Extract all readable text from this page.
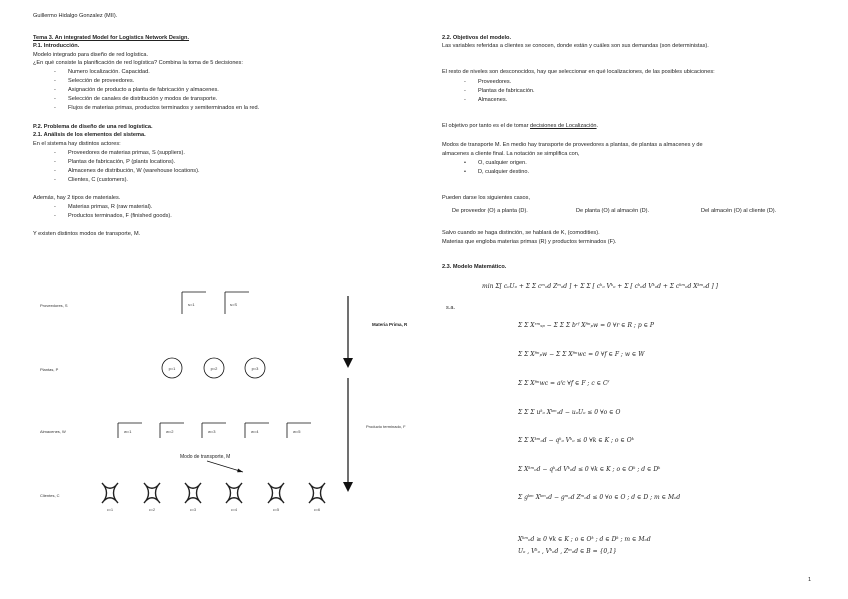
Guillermo Hidalgo Gonzalez (MII).
Tema 3. An integrated Model for Logistics Network Design.
P.1. Introducción.
Modelo integrado para diseño de red logística.
¿En qué consiste la planificación de red logística? Combina la toma de 5 decisiones:
- Numero localización. Capacidad.
- Selección de proveedores.
- Asignación de producto a planta de fabricación y almacenes.
- Selección de canales de distribución y modos de transporte.
- Flujos de materias primas, productos terminados y semiterminados en la red.
P.2. Problema de diseño de una red logística.
2.1. Análisis de los elementos del sistema.
En el sistema hay distintos actores:
- Proveedores de materias primas, S (suppliers).
- Plantas de fabricación, P (plants locations).
- Almacenes de distribución, W (warehouse locations).
- Clientes, C (customers).
Además, hay 2 tipos de materiales.
- Materias primas, R (raw material).
- Productos terminados, F (finished goods).
Y existen distintos modos de transporte, M.
Proveedores, S
Plantas, P
Almacenes, W
Clientes, C
s=1	s=S
p=1	p=2	p=3
w=1	w=2	w=3	w=4	w=5
Modo de transporte, M
c=1	c=2	c=3	c=4	c=5	c=6
Materia Prima, R
Producto terminado, F
2.2. Objetivos del modelo.
Las variables referidas a clientes se conocen, donde están y cuáles son sus demandas (son deterministas).
El resto de niveles son desconocidos, hay que seleccionar en qué localizaciones, de las posibles ubicaciones:
- Proveedores.
- Plantas de fabricación.
- Almacenes.
El objetivo por tanto es el de tomar decisiones de Localización.
Modos de transporte M. En medio hay transporte de proveedores a plantas, de plantas a almacenes y de
almacenes a cliente final. La notación se simplifica con,
• O, cualquier origen.
• D, cualquier destino.
Pueden darse los siguientes casos,
De proveedor (O) a planta (D).	De planta (O) al almacén (D).	Del almacén (O) al cliente (D).
Salvo cuando se haga distinción, se hablará de K, (comodities).
Materias que engloba materias primas (R) y productos terminados (F).
2.3. Modelo Matemático.
min Σ[ cₒUₒ + Σ Σ cᵐₒd Zᵐₒd ] + Σ Σ [ cᵏₒ Vᵏₒ + Σ [ cᵏₒd Vᵏₒd + Σ cᵏᵐₒd Xᵏᵐₒd ] ]
s.a.
Σ Σ Xʳᵐₛₚ − Σ Σ Σ bʳᶠ Xᶠᵐₚw = 0 ∀r ∈ R ; p ∈ P
Σ Σ Xᶠᵐₚw − Σ Σ Xᶠᵐwc = 0 ∀f ∈ F ; w ∈ W
Σ Σ Xᶠᵐwc = aᶠc ∀f ∈ F ; c ∈ Cᶠ
Σ Σ Σ uᵏₒ Xᵏᵐₒd − uₒUₒ ≤ 0 ∀o ∈ O
Σ Σ Xᵏᵐₒd − qᵏₒ Vᵏₒ ≤ 0 ∀k ∈ K ; o ∈ Oᵏ
Σ Xᵏᵐₒd − qᵏₒd Vᵏₒd ≤ 0 ∀k ∈ K ; o ∈ Oᵏ ; d ∈ Dᵏ
Σ gᵏᵐ Xᵏᵐₒd − gᵐₒd Zᵐₒd ≤ 0 ∀o ∈ O ; d ∈ D ; m ∈ Mₒd
Xᵏᵐₒd ≥ 0 ∀k ∈ K ; o ∈ Oᵏ ; d ∈ Dᵏ ; m ∈ Mₒd
Uₒ , Vᵏₒ , Vᵏₒd , Zᵐₒd ∈ B = {0,1}
1
